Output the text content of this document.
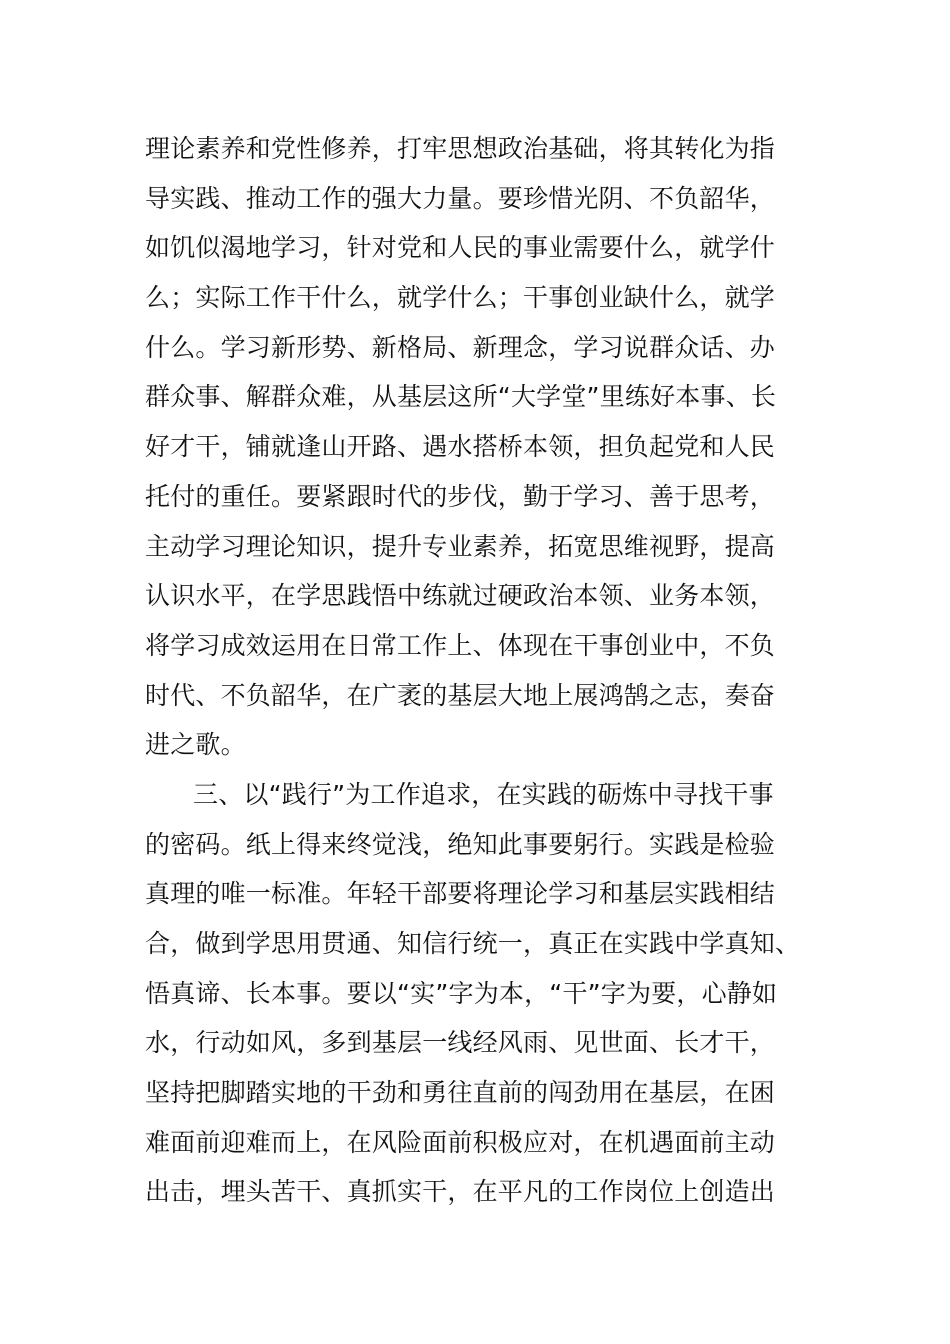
理论素养和党性修养，打牢思想政治基础，将其转化为指
导实践、推动工作的强大力量。要珍惜光阴、不负韶华，
如饥似渴地学习，针对党和人民的事业需要什么，就学什
么；实际工作干什么，就学什么；干事创业缺什么，就学
什么。学习新形势、新格局、新理念，学习说群众话、办
群众事、解群众难，从基层这所“大学堂”里练好本事、长
好才干，铺就逢山开路、遇水搭桥本领，担负起党和人民
托付的重任。要紧跟时代的步伐，勤于学习、善于思考，
主动学习理论知识，提升专业素养，拓宽思维视野，提高
认识水平，在学思践悟中练就过硬政治本领、业务本领，
将学习成效运用在日常工作上、体现在干事创业中，不负
时代、不负韶华，在广袤的基层大地上展鸿鹄之志，奏奋
进之歌。
三、以“践行”为工作追求，在实践的砺炼中寻找干事
的密码。纸上得来终觉浅，绝知此事要躬行。实践是检验
真理的唯一标准。年轻干部要将理论学习和基层实践相结
合，做到学思用贯通、知信行统一，真正在实践中学真知、
悟真谛、长本事。要以“实”字为本，“干”字为要，心静如
水，行动如风，多到基层一线经风雨、见世面、长才干，
坚持把脚踏实地的干劲和勇往直前的闯劲用在基层，在困
难面前迎难而上，在风险面前积极应对，在机遇面前主动
出击，埋头苦干、真抓实干，在平凡的工作岗位上创造出
